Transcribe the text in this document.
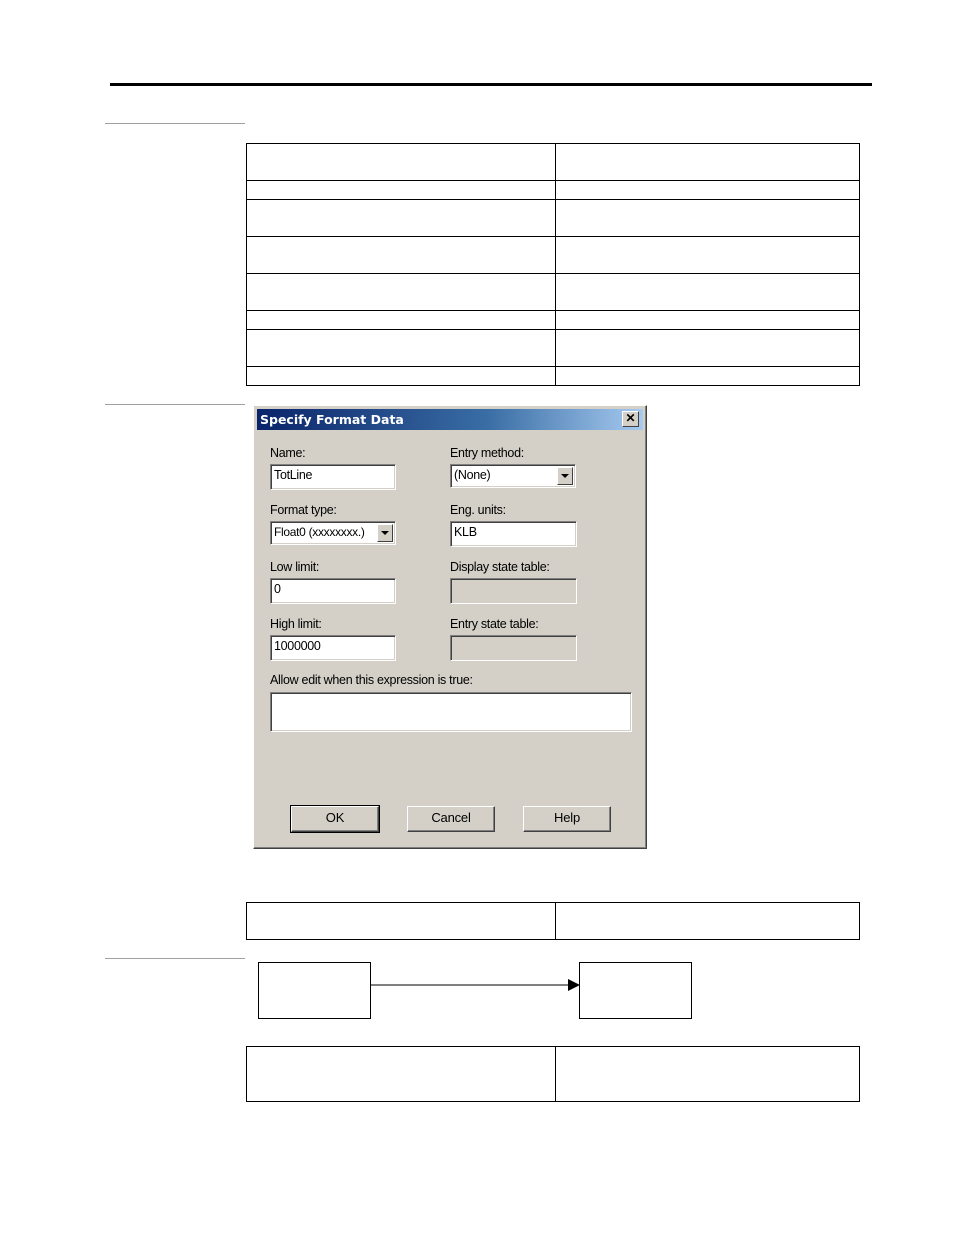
Specify Format Data	✕
Name:
TotLine
Format type:
Float0 (xxxxxxxx.)
Low limit:
0
High limit:
1000000
Entry method:
(None)
Eng. units:
KLB
Display state table:
Entry state table:
Allow edit when this expression is true:
OK	Cancel	Help
